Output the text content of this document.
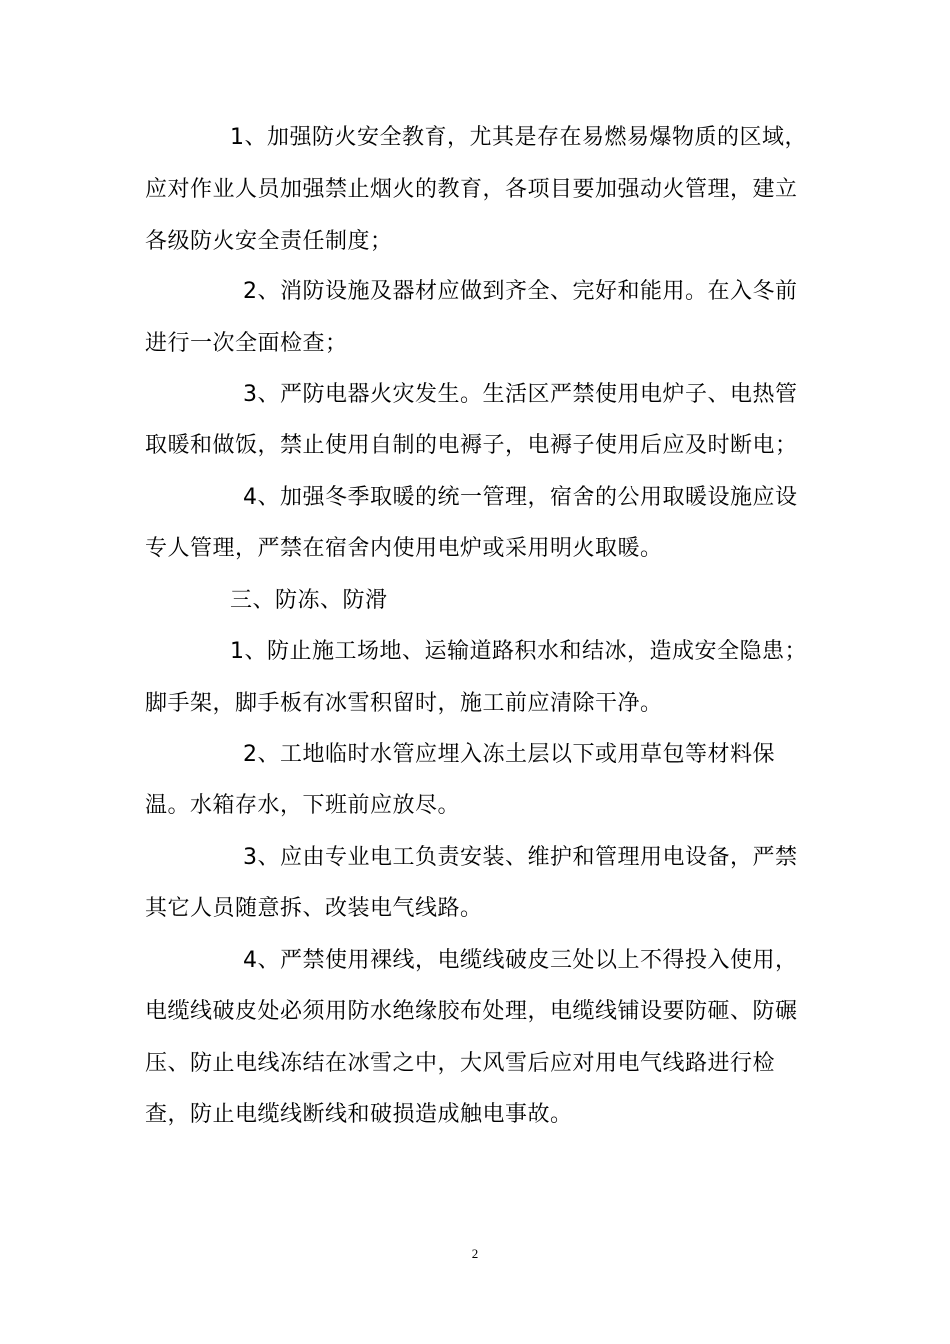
1、加强防火安全教育，尤其是存在易燃易爆物质的区域，
应对作业人员加强禁止烟火的教育，各项目要加强动火管理，建立
各级防火安全责任制度；
2、消防设施及器材应做到齐全、完好和能用。在入冬前
进行一次全面检查；
3、严防电器火灾发生。生活区严禁使用电炉子、电热管
取暖和做饭，禁止使用自制的电褥子，电褥子使用后应及时断电；
4、加强冬季取暖的统一管理，宿舍的公用取暖设施应设
专人管理，严禁在宿舍内使用电炉或采用明火取暖。
三、防冻、防滑
1、防止施工场地、运输道路积水和结冰，造成安全隐患；
脚手架，脚手板有冰雪积留时，施工前应清除干净。
2、工地临时水管应埋入冻土层以下或用草包等材料保
温。水箱存水，下班前应放尽。
3、应由专业电工负责安装、维护和管理用电设备，严禁
其它人员随意拆、改装电气线路。
4、严禁使用裸线，电缆线破皮三处以上不得投入使用，
电缆线破皮处必须用防水绝缘胶布处理，电缆线铺设要防砸、防碾
压、防止电线冻结在冰雪之中，大风雪后应对用电气线路进行检
查，防止电缆线断线和破损造成触电事故。
2
